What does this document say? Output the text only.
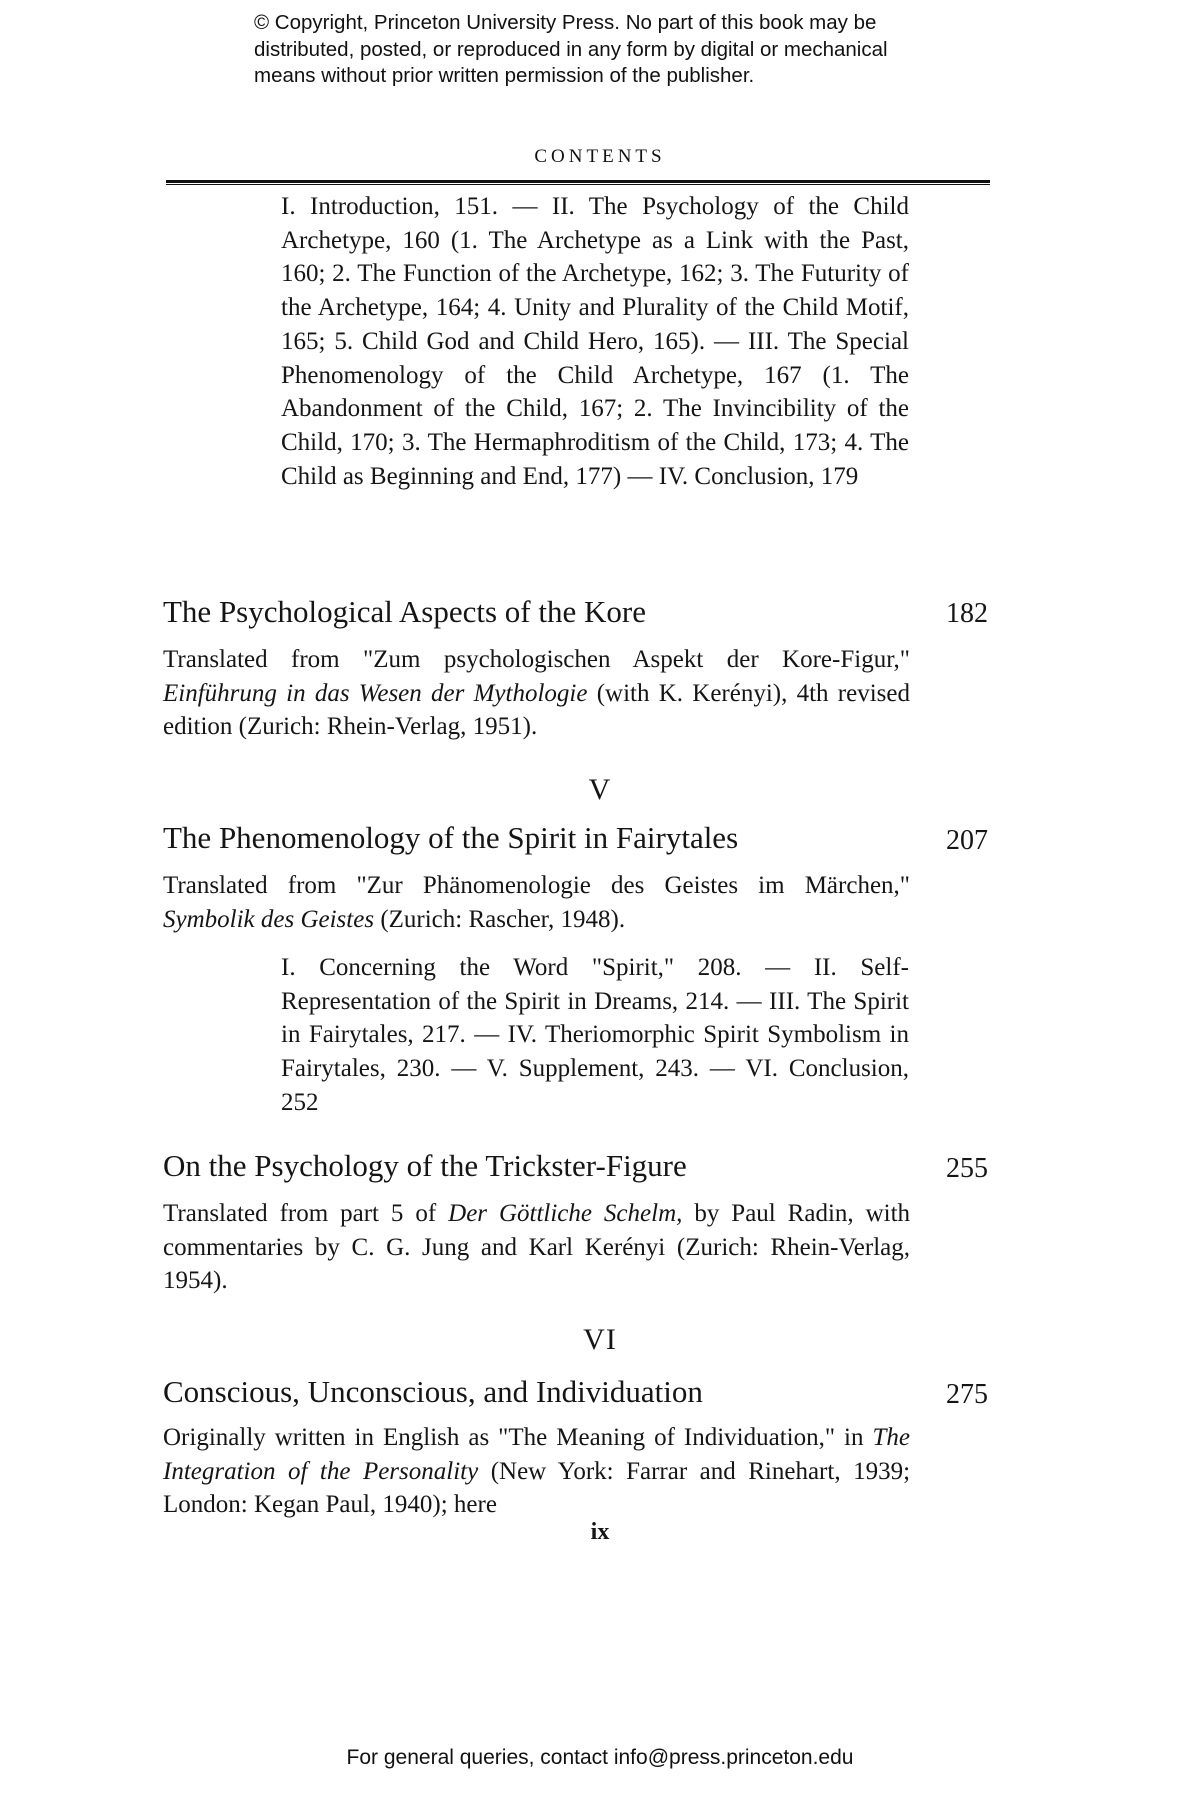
© Copyright, Princeton University Press. No part of this book may be
distributed, posted, or reproduced in any form by digital or mechanical
means without prior written permission of the publisher.
CONTENTS

I. Introduction, 151. — II. The Psychology of the Child Archetype, 160 (1. The Archetype as a Link with the Past, 160; 2. The Function of the Archetype, 162; 3. The Futurity of the Archetype, 164; 4. Unity and Plurality of the Child Motif, 165; 5. Child God and Child Hero, 165). — III. The Special Phenomenology of the Child Archetype, 167 (1. The Abandonment of the Child, 167; 2. The Invincibility of the Child, 170; 3. The Hermaphroditism of the Child, 173; 4. The Child as Beginning and End, 177) — IV. Conclusion, 179

The Psychological Aspects of the Kore	182

Translated from "Zum psychologischen Aspekt der Kore-Figur," Einführung in das Wesen der Mythologie (with K. Kerényi), 4th revised edition (Zurich: Rhein-Verlag, 1951).

V
The Phenomenology of the Spirit in Fairytales	207

Translated from "Zur Phänomenologie des Geistes im Märchen," Symbolik des Geistes (Zurich: Rascher, 1948).

I. Concerning the Word "Spirit," 208. — II. Self-Representation of the Spirit in Dreams, 214. — III. The Spirit in Fairytales, 217. — IV. Theriomorphic Spirit Symbolism in Fairytales, 230. — V. Supplement, 243. — VI. Conclusion, 252

On the Psychology of the Trickster-Figure	255

Translated from part 5 of Der Göttliche Schelm, by Paul Radin, with commentaries by C. G. Jung and Karl Kerényi (Zurich: Rhein-Verlag, 1954).

VI
Conscious, Unconscious, and Individuation	275

Originally written in English as "The Meaning of Individuation," in The Integration of the Personality (New York: Farrar and Rinehart, 1939; London: Kegan Paul, 1940); here

ix
For general queries, contact info@press.princeton.edu
